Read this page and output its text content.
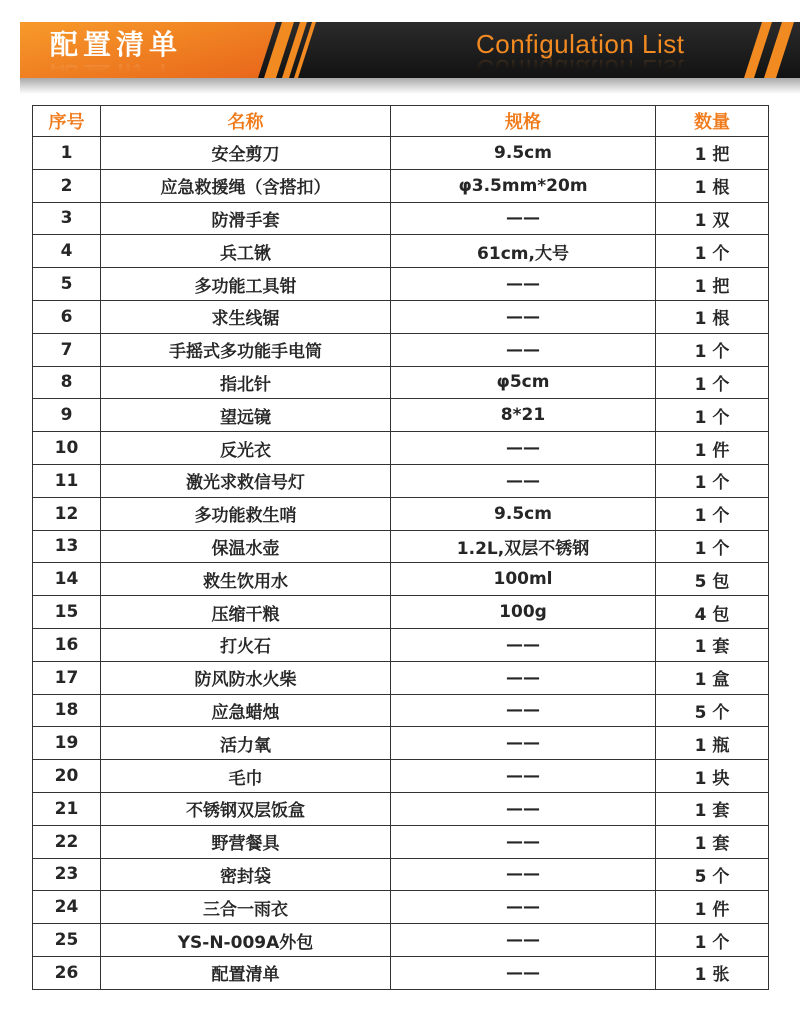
配置清单	Configulation List
序号	名称	规格	数量
1	安全剪刀	9.5cm	1 把
2	应急救援绳（含搭扣）	φ3.5mm*20m	1 根
3	防滑手套	——	1 双
4	兵工锹	61cm,大号	1 个
5	多功能工具钳	——	1 把
6	求生线锯	——	1 根
7	手摇式多功能手电筒	——	1 个
8	指北针	φ5cm	1 个
9	望远镜	8*21	1 个
10	反光衣	——	1 件
11	激光求救信号灯	——	1 个
12	多功能救生哨	9.5cm	1 个
13	保温水壶	1.2L,双层不锈钢	1 个
14	救生饮用水	100ml	5 包
15	压缩干粮	100g	4 包
16	打火石	——	1 套
17	防风防水火柴	——	1 盒
18	应急蜡烛	——	5 个
19	活力氧	——	1 瓶
20	毛巾	——	1 块
21	不锈钢双层饭盒	——	1 套
22	野营餐具	——	1 套
23	密封袋	——	5 个
24	三合一雨衣	——	1 件
25	YS-N-009A外包	——	1 个
26	配置清单	——	1 张
